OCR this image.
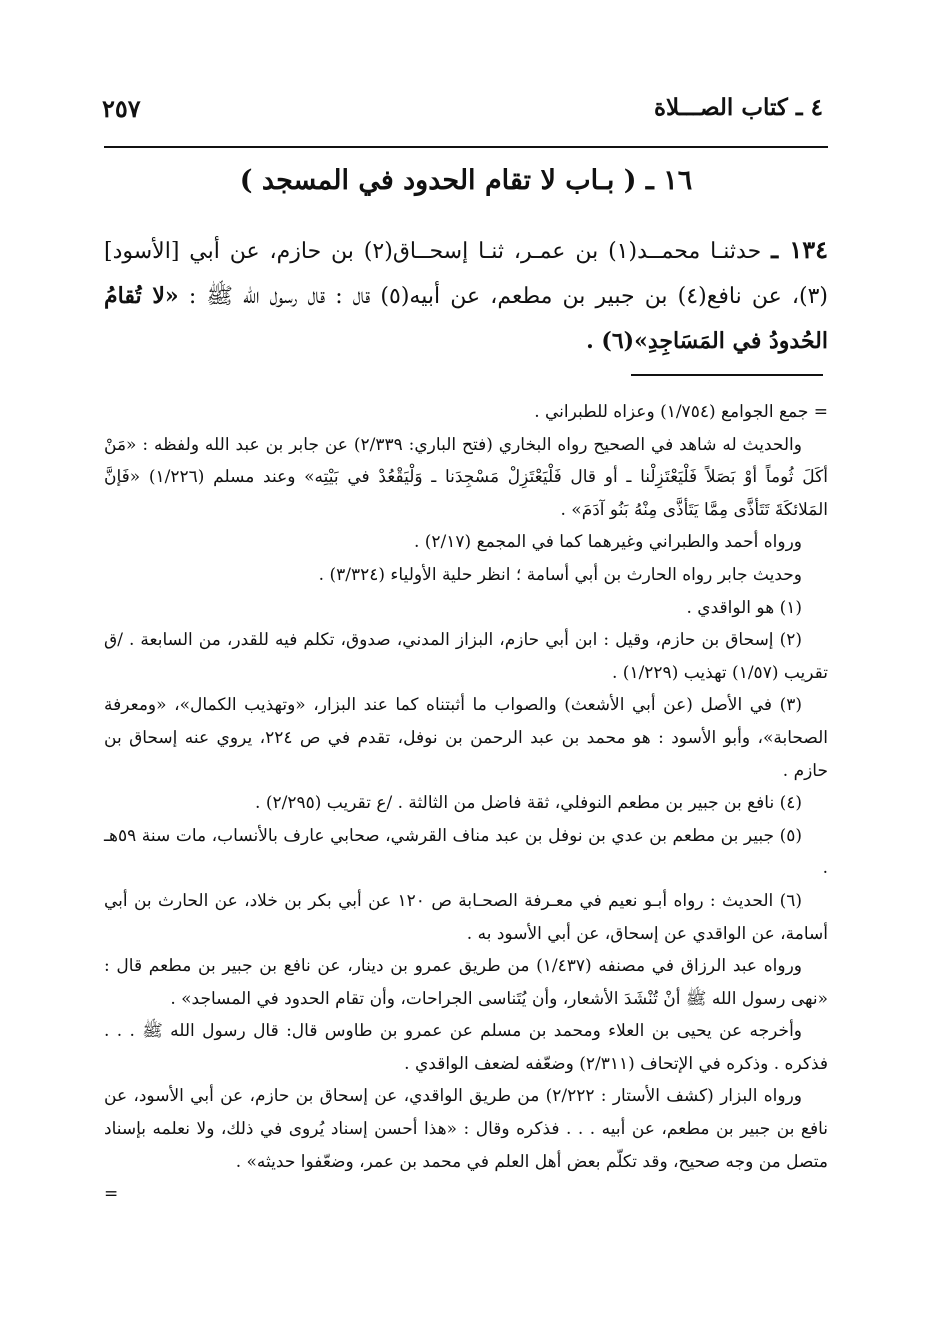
٢٥٧	٤ ـ كتاب الصـــلاة
١٦ ـ ( بـاب لا تقام الحدود في المسجد )
١٣٤ ـ حدثنـا محمــد(١) بن عمـر، ثنـا إسحــاق(٢) بن حازم، عن أبي [الأسود](٣)، عن نافع(٤) بن جبير بن مطعم، عن أبيه(٥) قال : قال رسول الله ﷺ : «لا تُقامُ الحُدودُ في المَسَاجِدِ»(٦) .

= جمع الجوامع (١/٧٥٤) وعزاه للطبراني .

والحديث له شاهد في الصحيح رواه البخاري (فتح الباري: ٢/٣٣٩) عن جابر بن عبد الله ولفظه : «مَنْ أكَلَ ثُوماً أوْ بَصَلاً فَلْيَعْتَزِلْنا ـ أو قال فَلْيَعْتَزِلْ مَسْجِدَنا ـ وَلْيَقْعُدْ في بَيْتِه» وعند مسلم (١/٢٢٦) «فَإنَّ المَلائكَةَ تَتَأذَّى مِمَّا يَتَأذَّى مِنْهُ بَنُو آدَمَ» .

ورواه أحمد والطبراني وغيرهما كما في المجمع (٢/١٧) .

وحديث جابر رواه الحارث بن أبي أسامة ؛ انظر حلية الأولياء (٣/٣٢٤) .

(١) هو الواقدي .

(٢) إسحاق بن حازم، وقيل : ابن أبي حازم، البزاز المدني، صدوق، تكلم فيه للقدر، من السابعة . /ق تقريب (١/٥٧) تهذيب (١/٢٢٩) .

(٣) في الأصل (عن أبي الأشعث) والصواب ما أثبتناه كما عند البزار، «وتهذيب الكمال»، «ومعرفة الصحابة»، وأبو الأسود : هو محمد بن عبد الرحمن بن نوفل، تقدم في ص ٢٢٤، يروي عنه إسحاق بن حازم .

(٤) نافع بن جبير بن مطعم النوفلي، ثقة فاضل من الثالثة . /ع تقريب (٢/٢٩٥) .

(٥) جبير بن مطعم بن عدي بن نوفل بن عبد مناف القرشي، صحابي عارف بالأنساب، مات سنة ٥٩هـ .

(٦) الحديث : رواه أبـو نعيم في معـرفة الصحـابة ص ١٢٠ عن أبي بكر بن خلاد، عن الحارث بن أبي أسامة، عن الواقدي عن إسحاق، عن أبي الأسود به .

ورواه عبد الرزاق في مصنفه (١/٤٣٧) من طريق عمرو بن دينار، عن نافع بن جبير بن مطعم قال : «نهى رسول الله ﷺ أنْ تُنْشَدَ الأشعار، وأن يُتَناسى الجراحات، وأن تقام الحدود في المساجد» .

وأخرجه عن يحيى بن العلاء ومحمد بن مسلم عن عمرو بن طاوس قال: قال رسول الله ﷺ . . . فذكره . وذكره في الإتحاف (٢/٣١١) وضعّفه لضعف الواقدي .

ورواه البزار (كشف الأستار : ٢/٢٢٢) من طريق الواقدي، عن إسحاق بن حازم، عن أبي الأسود، عن نافع بن جبير بن مطعم، عن أبيه . . . فذكره وقال : «هذا أحسن إسناد يُروى في ذلك، ولا نعلمه بإسناد متصل من وجه صحيح، وقد تكلّم بعض أهل العلم في محمد بن عمر، وضعّفوا حديثه» .

=
